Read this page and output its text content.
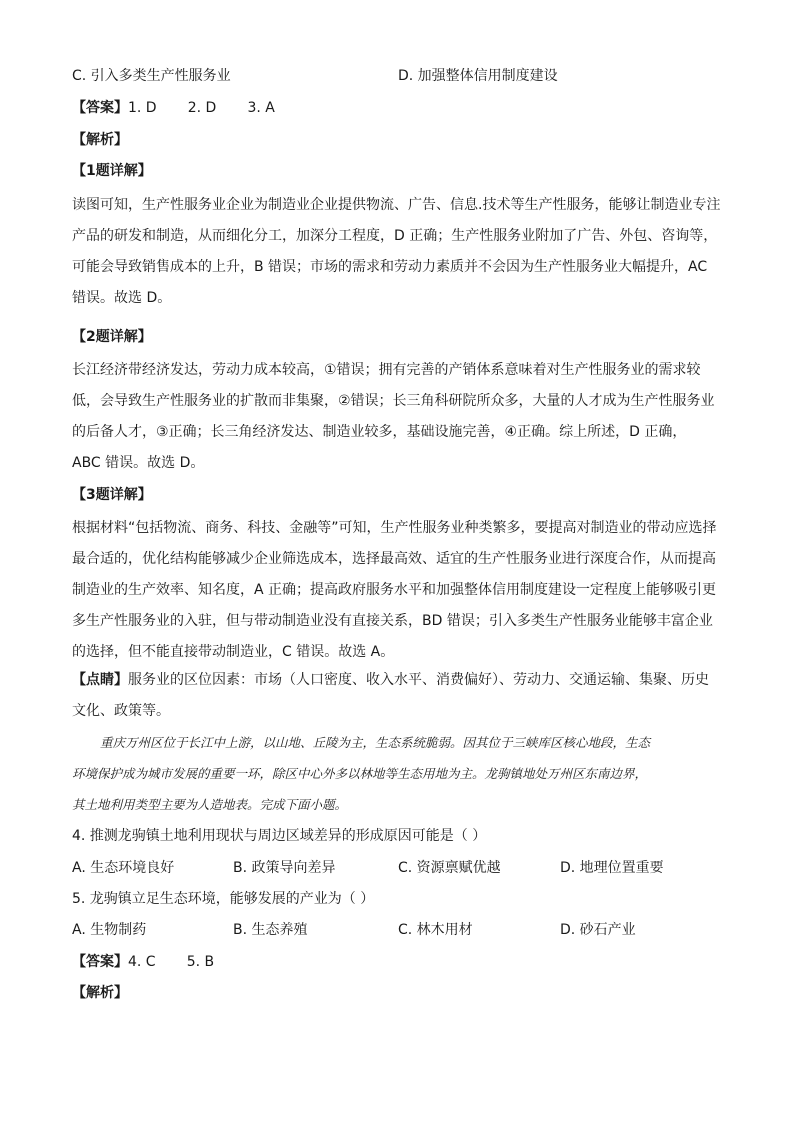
C. 引入多类生产性服务业	D. 加强整体信用制度建设
【答案】1. D       2. D       3. A
【解析】
【1题详解】
读图可知，生产性服务业企业为制造业企业提供物流、广告、信息.技术等生产性服务，能够让制造业专注
产品的研发和制造，从而细化分工，加深分工程度，D 正确；生产性服务业附加了广告、外包、咨询等，
可能会导致销售成本的上升，B 错误；市场的需求和劳动力素质并不会因为生产性服务业大幅提升，AC
错误。故选 D。
【2题详解】
长江经济带经济发达，劳动力成本较高，①错误；拥有完善的产销体系意味着对生产性服务业的需求较
低，会导致生产性服务业的扩散而非集聚，②错误；长三角科研院所众多，大量的人才成为生产性服务业
的后备人才，③正确；长三角经济发达、制造业较多，基础设施完善，④正确。综上所述，D 正确，
ABC 错误。故选 D。
【3题详解】
根据材料“包括物流、商务、科技、金融等”可知，生产性服务业种类繁多，要提高对制造业的带动应选择
最合适的，优化结构能够减少企业筛选成本，选择最高效、适宜的生产性服务业进行深度合作，从而提高
制造业的生产效率、知名度，A 正确；提高政府服务水平和加强整体信用制度建设一定程度上能够吸引更
多生产性服务业的入驻，但与带动制造业没有直接关系，BD 错误；引入多类生产性服务业能够丰富企业
的选择，但不能直接带动制造业，C 错误。故选 A。
【点睛】服务业的区位因素：市场（人口密度、收入水平、消费偏好）、劳动力、交通运输、集聚、历史
文化、政策等。
重庆万州区位于长江中上游，以山地、丘陵为主，生态系统脆弱。因其位于三峡库区核心地段，生态
环境保护成为城市发展的重要一环，除区中心外多以林地等生态用地为主。龙驹镇地处万州区东南边界，
其土地利用类型主要为人造地表。完成下面小题。
4. 推测龙驹镇土地利用现状与周边区域差异的形成原因可能是（ ）
A. 生态环境良好	B. 政策导向差异	C. 资源禀赋优越	D. 地理位置重要
5. 龙驹镇立足生态环境，能够发展的产业为（ ）
A. 生物制药	B. 生态养殖	C. 林木用材	D. 砂石产业
【答案】4. C       5. B
【解析】
